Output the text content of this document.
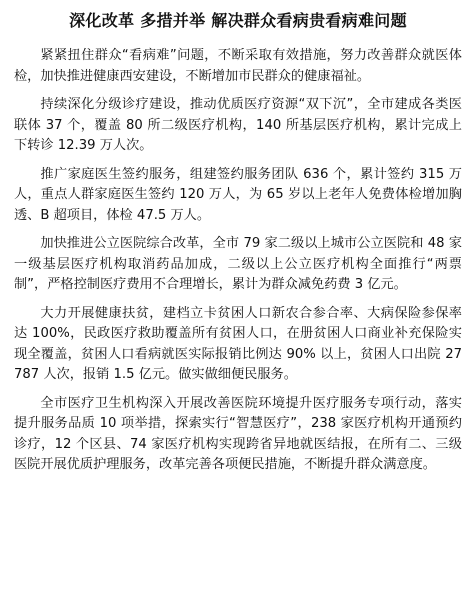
深化改革 多措并举 解决群众看病贵看病难问题

紧紧扭住群众“看病难”问题，不断采取有效措施，努力改善群众就医体检，加快推进健康西安建设，不断增加市民群众的健康福祉。

持续深化分级诊疗建设，推动优质医疗资源“双下沉”，全市建成各类医联体 37 个，覆盖 80 所二级医疗机构，140 所基层医疗机构，累计完成上下转诊 12.39 万人次。

推广家庭医生签约服务，组建签约服务团队 636 个，累计签约 315 万人，重点人群家庭医生签约 120 万人，为 65 岁以上老年人免费体检增加胸透、B 超项目，体检 47.5 万人。

加快推进公立医院综合改革，全市 79 家二级以上城市公立医院和 48 家一级基层医疗机构取消药品加成，二级以上公立医疗机构全面推行“两票制”，严格控制医疗费用不合理增长，累计为群众减免药费 3 亿元。

大力开展健康扶贫，建档立卡贫困人口新农合参合率、大病保险参保率达 100%，民政医疗救助覆盖所有贫困人口，在册贫困人口商业补充保险实现全覆盖，贫困人口看病就医实际报销比例达 90% 以上，贫困人口出院 27787 人次，报销 1.5 亿元。做实做细便民服务。

全市医疗卫生机构深入开展改善医院环境提升医疗服务专项行动，落实提升服务品质 10 项举措，探索实行“智慧医疗”，238 家医疗机构开通预约诊疗，12 个区县、74 家医疗机构实现跨省异地就医结报，在所有二、三级医院开展优质护理服务，改革完善各项便民措施，不断提升群众满意度。
